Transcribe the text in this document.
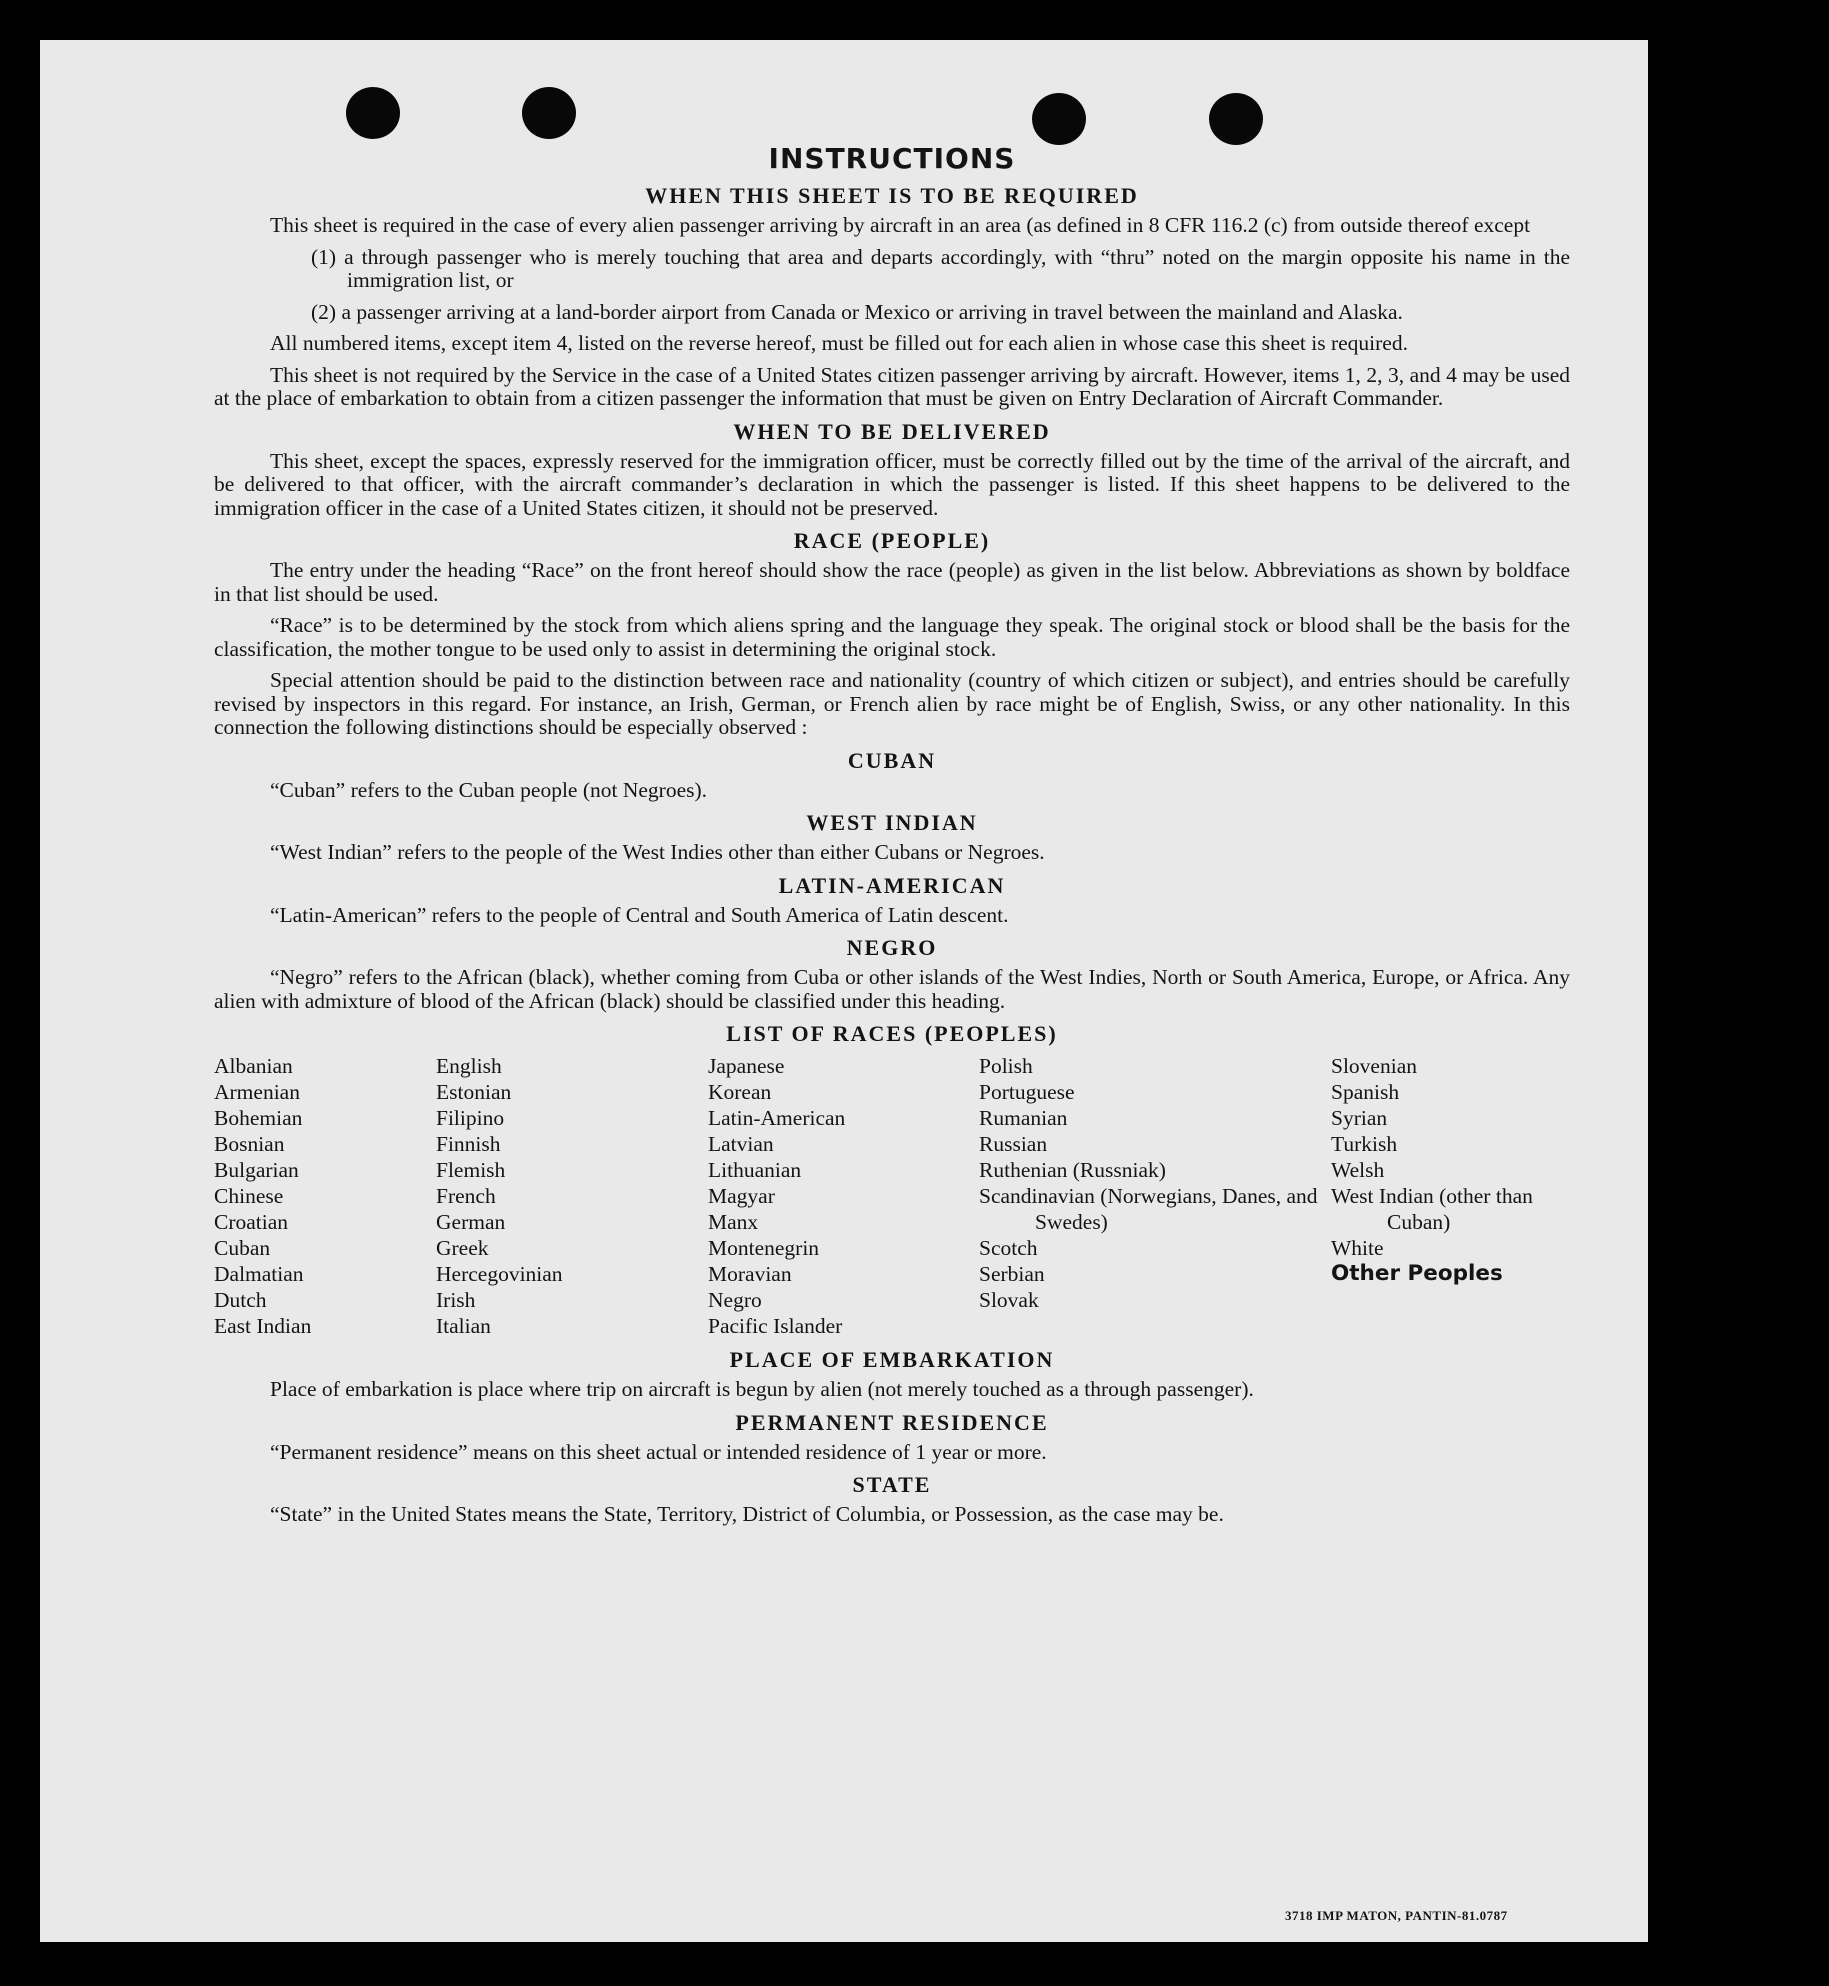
INSTRUCTIONS
WHEN THIS SHEET IS TO BE REQUIRED

This sheet is required in the case of every alien passenger arriving by aircraft in an area (as defined in 8 CFR 116.2 (c) from outside thereof except

(1) a through passenger who is merely touching that area and departs accordingly, with “thru” noted on the margin opposite his name in the immigration list, or

(2) a passenger arriving at a land-border airport from Canada or Mexico or arriving in travel between the mainland and Alaska.

All numbered items, except item 4, listed on the reverse hereof, must be filled out for each alien in whose case this sheet is required.

This sheet is not required by the Service in the case of a United States citizen passenger arriving by aircraft. However, items 1, 2, 3, and 4 may be used at the place of embarkation to obtain from a citizen passenger the information that must be given on Entry Declaration of Aircraft Commander.

WHEN TO BE DELIVERED

This sheet, except the spaces, expressly reserved for the immigration officer, must be correctly filled out by the time of the arrival of the aircraft, and be delivered to that officer, with the aircraft commander’s declaration in which the passenger is listed. If this sheet happens to be delivered to the immigration officer in the case of a United States citizen, it should not be preserved.

RACE (PEOPLE)

The entry under the heading “Race” on the front hereof should show the race (people) as given in the list below. Abbreviations as shown by boldface in that list should be used.

“Race” is to be determined by the stock from which aliens spring and the language they speak. The original stock or blood shall be the basis for the classification, the mother tongue to be used only to assist in determining the original stock.

Special attention should be paid to the distinction between race and nationality (country of which citizen or subject), and entries should be carefully revised by inspectors in this regard. For instance, an Irish, German, or French alien by race might be of English, Swiss, or any other nationality. In this connection the following distinctions should be especially observed :

CUBAN

“Cuban” refers to the Cuban people (not Negroes).

WEST INDIAN

“West Indian” refers to the people of the West Indies other than either Cubans or Negroes.

LATIN-AMERICAN

“Latin-American” refers to the people of Central and South America of Latin descent.

NEGRO

“Negro” refers to the African (black), whether coming from Cuba or other islands of the West Indies, North or South America, Europe, or Africa. Any alien with admixture of blood of the African (black) should be classified under this heading.

LIST OF RACES (PEOPLES)
Albanian
Armenian
Bohemian
Bosnian
Bulgarian
Chinese
Croatian
Cuban
Dalmatian
Dutch
East Indian
English
Estonian
Filipino
Finnish
Flemish
French
German
Greek
Hercegovinian
Irish
Italian
Japanese
Korean
Latin-American
Latvian
Lithuanian
Magyar
Manx
Montenegrin
Moravian
Negro
Pacific Islander
Polish
Portuguese
Rumanian
Russian
Ruthenian (Russniak)
Scandinavian (Norwegians, Danes, and Swedes)
Scotch
Serbian
Slovak
Slovenian
Spanish
Syrian
Turkish
Welsh
West Indian (other than Cuban)
White
Other Peoples
PLACE OF EMBARKATION

Place of embarkation is place where trip on aircraft is begun by alien (not merely touched as a through passenger).

PERMANENT RESIDENCE

“Permanent residence” means on this sheet actual or intended residence of 1 year or more.

STATE

“State” in the United States means the State, Territory, District of Columbia, or Possession, as the case may be.

3718 IMP MATON, PANTIN-81.0787
